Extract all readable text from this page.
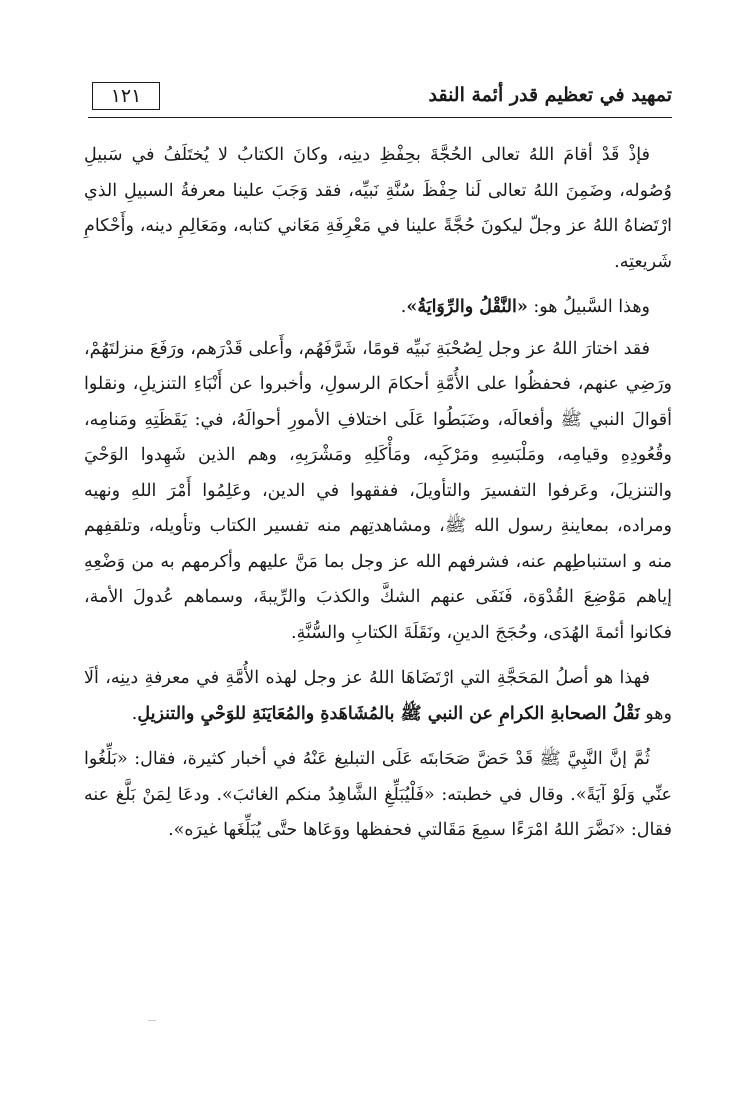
تمهيد في تعظيم قدر أئمة النقد
١٢١

فإذْ قَدْ أقامَ اللهُ تعالى الحُجَّةَ بحِفْظِ دينِه، وكانَ الكتابُ لا يُختَلَفُ في سَبيلِ وُصُوله، وضَمِنَ اللهُ تعالى لَنا حِفْظَ سُنَّةِ نَبيِّه، فقد وَجَبَ علينا معرفةُ السبيلِ الذي ارْتَضاهُ اللهُ عز وجلّ ليكونَ حُجَّةً علينا في مَعْرِفَةِ مَعَاني كتابه، ومَعَالِمِ دينه، وأَحْكامِ شَريعتِه.

وهذا السَّبيلُ هو: «النَّقْلُ والرِّوَايَةُ».

فقد اختارَ اللهُ عز وجل لِصُحْبَةِ نَبيِّه قومًا، شَرَّفَهُم، وأَعلى قَدْرَهم، ورَفَعَ منزلتَهُمْ، ورَضِي عنهم، فحفظُوا على الأُمَّةِ أحكامَ الرسولِ، وأخبروا عن أَنْبَاءِ التنزيلِ، ونقلوا أقوالَ النبي ﷺ وأفعالَه، وضَبَطُوا عَلَى اختلافِ الأمورِ أحوالَهُ، في: يَقَظَتِهِ ومَنامِه، وقُعُودِهِ وقيامِه، ومَلْبَسِهِ ومَرْكَبِه، ومَأْكَلِهِ ومَشْرَبِهِ، وهم الذين شَهِدوا الوَحْيَ والتنزيلَ، وعَرفوا التفسيرَ والتأويلَ، ففقهوا في الدين، وعَلِمُوا أَمْرَ اللهِ ونهيه ومراده، بمعاينةِ رسول الله ﷺ، ومشاهدتِهم منه تفسير الكتاب وتأويله، وتلقفِهم منه و استنباطِهم عنه، فشرفهم الله عز وجل بما مَنَّ عليهم وأكرمهم به من وَضْعِهِ إياهم مَوْضِعَ القُدْوَة، فَنَفَى عنهم الشكَّ والكذبَ والرِّيبةَ، وسماهم عُدولَ الأمة، فكانوا أئمةَ الهُدَى، وحُجَجَ الدينِ، ونَقَلَةَ الكتابِ والسُّنَّةِ.

فهذا هو أصلُ المَحَجَّةِ التي ارْتَضَاهَا اللهُ عز وجل لهذه الأُمَّةِ في معرفةِ دينِه، ألَا وهو نَقْلُ الصحابةِ الكرامِ عن النبي ﷺ بالمُشَاهَدةِ والمُعَايَنَةِ للوَحْيِ والتنزيلِ.

ثُمَّ إنَّ النَّبِيَّ ﷺ قَدْ حَضَّ صَحَابتَه عَلَى التبليغ عَنْهُ في أخبار كثيرة، فقال: «بَلِّغُوا عنِّي وَلَوْ آيَةً». وقال في خطبته: «فَلْيُبَلِّغِ الشَّاهِدُ منكم الغائبَ». ودعَا لِمَنْ بَلَّغ عنه فقال: «نَضَّرَ اللهُ امْرَءًا سمِعَ مَقَالتي فحفظها ووَعَاها حتَّى يُبَلِّغَها غيرَه».
